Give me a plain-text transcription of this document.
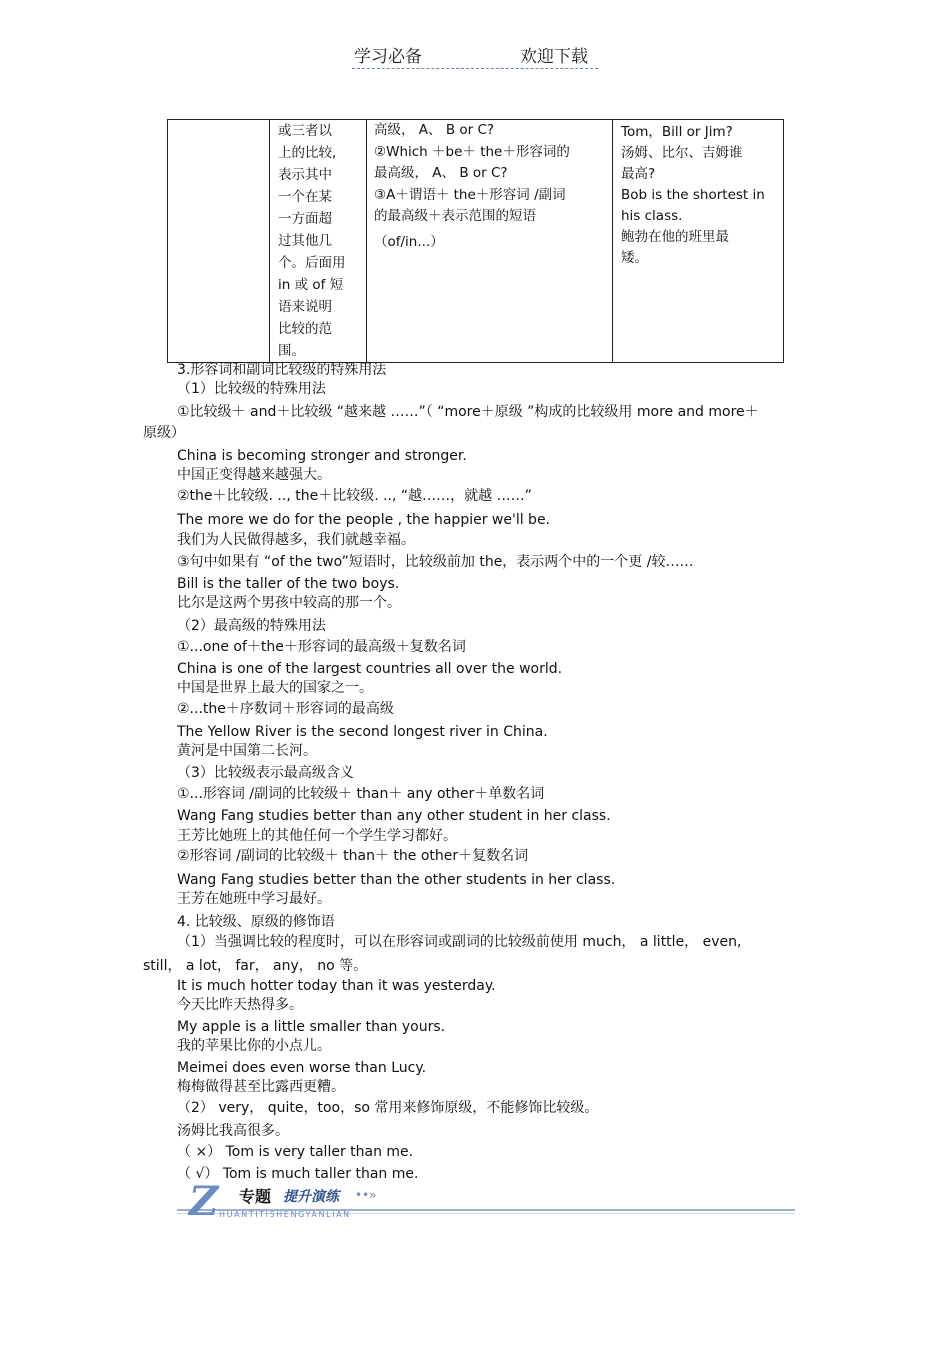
学习必备	欢迎下载

或三者以
上的比较,
表示其中
一个在某
一方面超
过其他几
个。后面用
in 或 of 短
语来说明
比较的范
围。

高级， A、 B or C?
②Which ＋be＋ the＋形容词的
最高级， A、 B or C?
③A＋谓语＋ the＋形容词 /副词
的最高级＋表示范围的短语
（of/in...）

Tom，Bill or Jim?
汤姆、比尔、吉姆谁
最高?
Bob is the shortest in
his class.
鲍勃在他的班里最
矮。
3.形容词和副词比较级的特殊用法
（1）比较级的特殊用法
①比较级＋ and＋比较级 “越来越 ……”（ “more＋原级 ”构成的比较级用 more and more＋
原级）
China is becoming stronger and stronger.
中国正变得越来越强大。
②the＋比较级. .., the＋比较级. .., “越……，就越 ……”
The more we do for the people , the happier we'll be.
我们为人民做得越多，我们就越幸福。
③句中如果有 “of the two”短语时，比较级前加 the，表示两个中的一个更 /较……
Bill is the taller of the two boys.
比尔是这两个男孩中较高的那一个。
（2）最高级的特殊用法
①...one of＋the＋形容词的最高级＋复数名词
China is one of the largest countries all over the world.
中国是世界上最大的国家之一。
②...the＋序数词＋形容词的最高级
The Yellow River is the second longest river in China.
黄河是中国第二长河。
（3）比较级表示最高级含义
①...形容词 /副词的比较级＋ than＋ any other＋单数名词
Wang Fang studies better than any other student in her class.
王芳比她班上的其他任何一个学生学习都好。
②形容词 /副词的比较级＋ than＋ the other＋复数名词
Wang Fang studies better than the other students in her class.
王芳在她班中学习最好。
4. 比较级、原级的修饰语
（1）当强调比较的程度时，可以在形容词或副词的比较级前使用 much， a little， even,
still， a lot， far， any， no 等。
It is much hotter today than it was yesterday.
今天比昨天热得多。
My apple is a little smaller than yours.
我的苹果比你的小点儿。
Meimei does even worse than Lucy.
梅梅做得甚至比露西更糟。
（2） very， quite，too，so 常用来修饰原级，不能修饰比较级。
汤姆比我高很多。
（ ×） Tom is very taller than me.
（ √） Tom is much taller than me.
Z 专题 提升演练 ••»
HUANTITISHENGYANLIAN
